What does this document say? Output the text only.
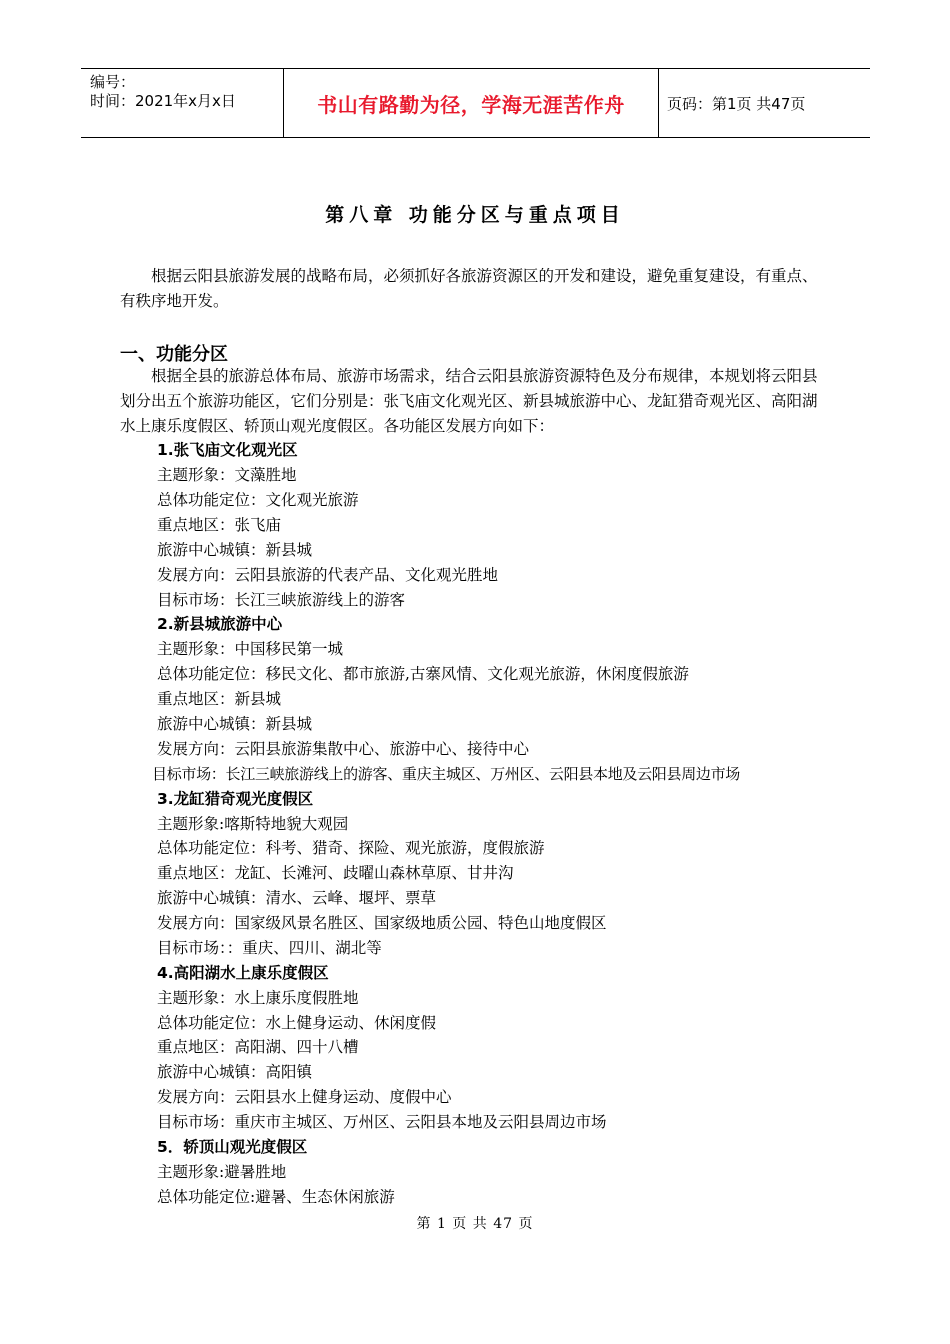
编号：
时间：2021年x月x日	书山有路勤为径，学海无涯苦作舟	页码：第1页 共47页
第八章 功能分区与重点项目
根据云阳县旅游发展的战略布局，必须抓好各旅游资源区的开发和建设，避免重复建设，有重点、有秩序地开发。
一、功能分区
根据全县的旅游总体布局、旅游市场需求，结合云阳县旅游资源特色及分布规律，本规划将云阳县划分出五个旅游功能区，它们分别是：张飞庙文化观光区、新县城旅游中心、龙缸猎奇观光区、高阳湖水上康乐度假区、轿顶山观光度假区。各功能区发展方向如下：
1.张飞庙文化观光区
主题形象：文藻胜地
总体功能定位：文化观光旅游
重点地区：张飞庙
旅游中心城镇：新县城
发展方向：云阳县旅游的代表产品、文化观光胜地
目标市场：长江三峡旅游线上的游客
2.新县城旅游中心
主题形象：中国移民第一城
总体功能定位：移民文化、都市旅游,古寨风情、文化观光旅游，休闲度假旅游
重点地区：新县城
旅游中心城镇：新县城
发展方向：云阳县旅游集散中心、旅游中心、接待中心
目标市场：长江三峡旅游线上的游客、重庆主城区、万州区、云阳县本地及云阳县周边市场
3.龙缸猎奇观光度假区
主题形象:喀斯特地貌大观园
总体功能定位：科考、猎奇、探险、观光旅游，度假旅游
重点地区：龙缸、长滩河、歧曜山森林草原、甘井沟
旅游中心城镇：清水、云峰、堰坪、票草
发展方向：国家级风景名胜区、国家级地质公园、特色山地度假区
目标市场：：重庆、四川、湖北等
4.高阳湖水上康乐度假区
主题形象：水上康乐度假胜地
总体功能定位：水上健身运动、休闲度假
重点地区：高阳湖、四十八槽
旅游中心城镇：高阳镇
发展方向：云阳县水上健身运动、度假中心
目标市场：重庆市主城区、万州区、云阳县本地及云阳县周边市场
5．轿顶山观光度假区
主题形象:避暑胜地
总体功能定位:避暑、生态休闲旅游
第 1 页 共 47 页
